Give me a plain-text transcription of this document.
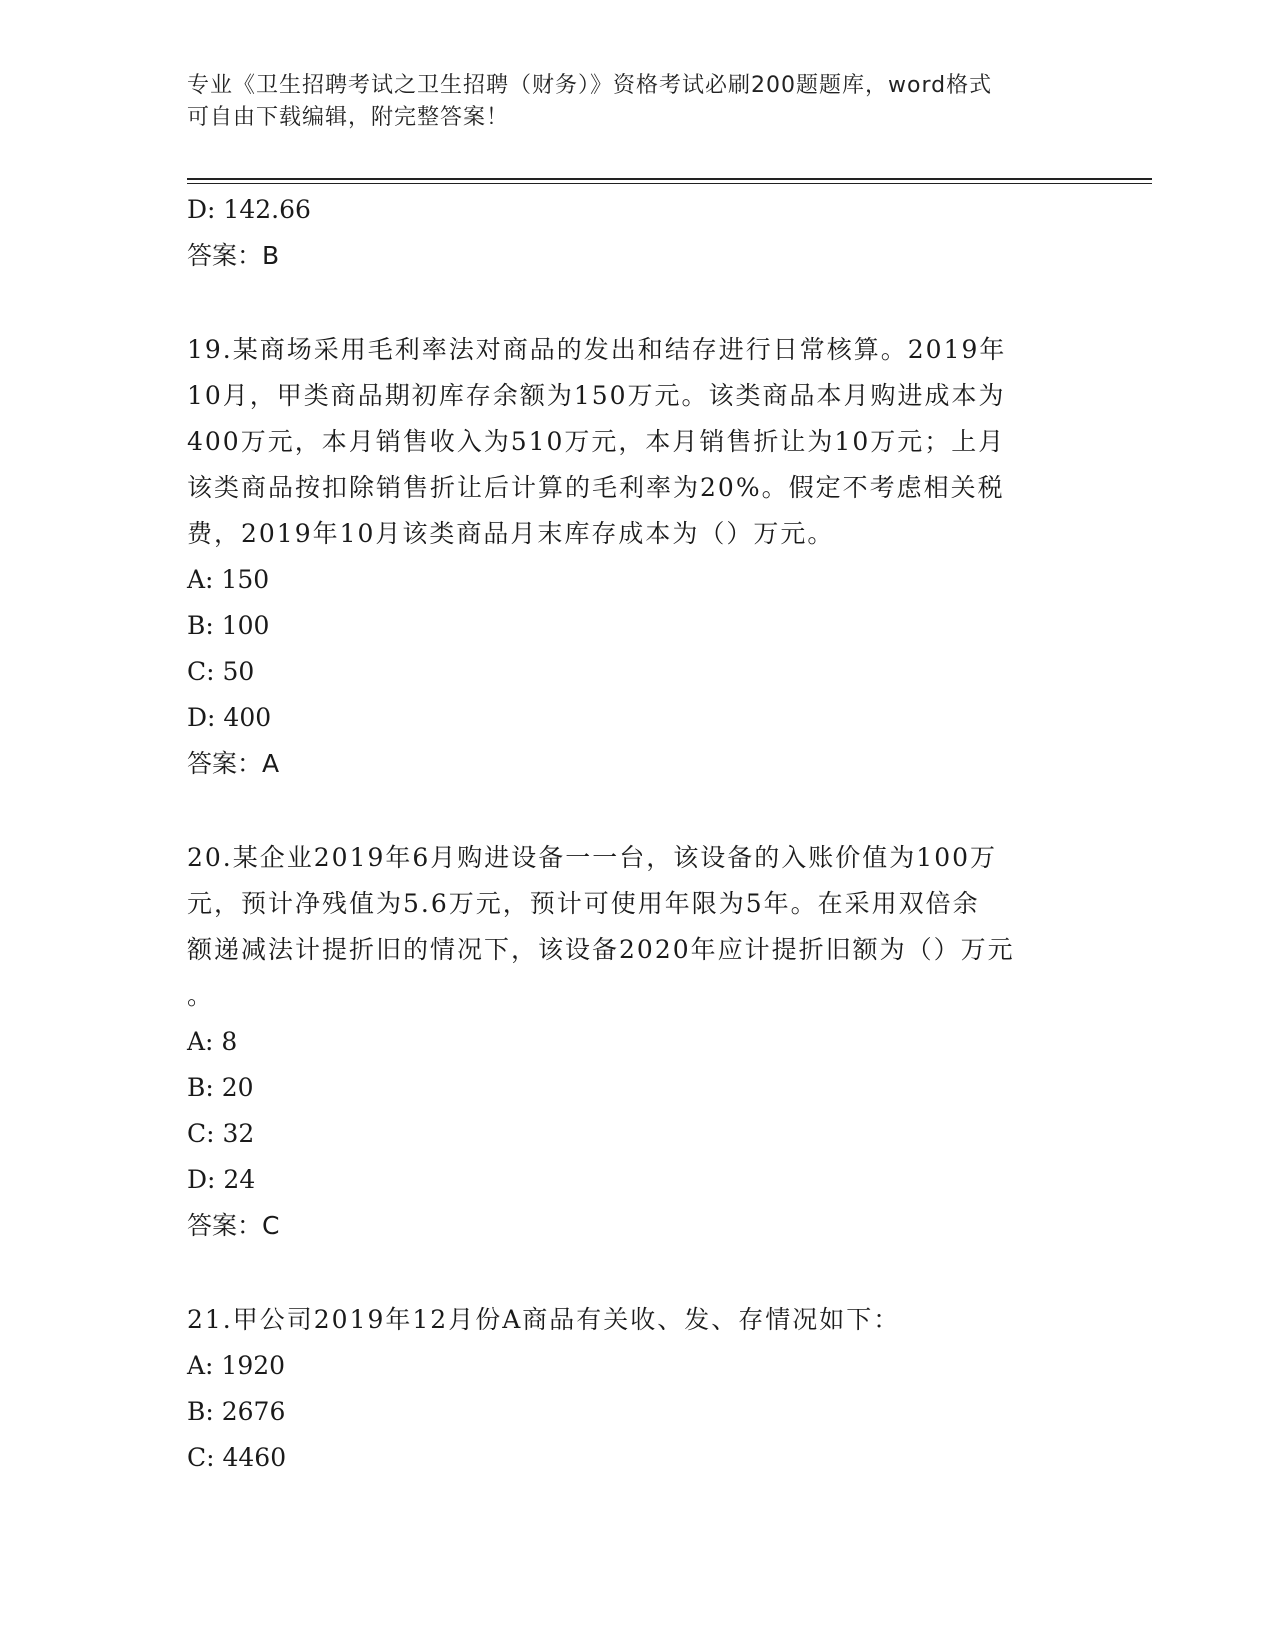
专业《卫生招聘考试之卫生招聘（财务）》资格考试必刷200题题库，word格式
可自由下载编辑，附完整答案！
D: 142.66
答案：B
19.某商场采用毛利率法对商品的发出和结存进行日常核算。2019年
10月，甲类商品期初库存余额为150万元。该类商品本月购进成本为
400万元，本月销售收入为510万元，本月销售折让为10万元；上月
该类商品按扣除销售折让后计算的毛利率为20%。假定不考虑相关税
费，2019年10月该类商品月末库存成本为（）万元。
A: 150
B: 100
C: 50
D: 400
答案：A
20.某企业2019年6月购进设备一一台，该设备的入账价值为100万
元，预计净残值为5.6万元，预计可使用年限为5年。在采用双倍余
额递减法计提折旧的情况下，该设备2020年应计提折旧额为（）万元
。
A: 8
B: 20
C: 32
D: 24
答案：C
21.甲公司2019年12月份A商品有关收、发、存情况如下：
A: 1920
B: 2676
C: 4460
